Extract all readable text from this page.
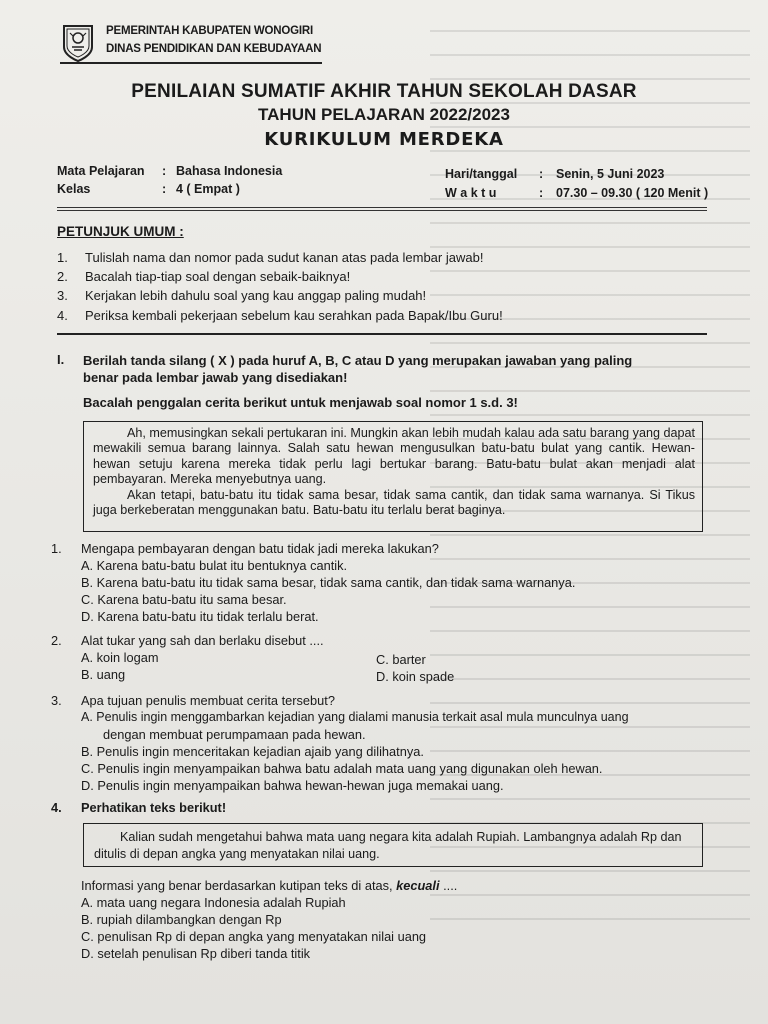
PEMERINTAH KABUPATEN WONOGIRI
DINAS PENDIDIKAN DAN KEBUDAYAAN
PENILAIAN SUMATIF AKHIR TAHUN SEKOLAH DASAR
TAHUN PELAJARAN 2022/2023
KURIKULUM MERDEKA
Mata Pelajaran : Bahasa Indonesia
Kelas	: 4 ( Empat )
Hari/tanggal : Senin, 5 Juni 2023
W a k t u	: 07.30 – 09.30 ( 120 Menit )
PETUNJUK UMUM :
1.	Tulislah nama dan nomor pada sudut kanan atas pada lembar jawab!
2.	Bacalah tiap-tiap soal dengan sebaik-baiknya!
3.	Kerjakan lebih dahulu soal yang kau anggap paling mudah!
4.	Periksa kembali pekerjaan sebelum kau serahkan pada Bapak/Ibu Guru!
I. Berilah tanda silang ( X ) pada huruf A, B, C atau D yang merupakan jawaban yang paling
benar pada lembar jawab yang disediakan!
Bacalah penggalan cerita berikut untuk menjawab soal nomor 1 s.d. 3!

Ah, memusingkan sekali pertukaran ini. Mungkin akan lebih mudah kalau ada satu barang yang dapat mewakili semua barang lainnya. Salah satu hewan mengusulkan batu-batu bulat yang cantik. Hewan-hewan setuju karena mereka tidak perlu lagi bertukar barang. Batu-batu bulat akan menjadi alat pembayaran. Mereka menyebutnya uang.

Akan tetapi, batu-batu itu tidak sama besar, tidak sama cantik, dan tidak sama warnanya. Si Tikus juga berkeberatan menggunakan batu. Batu-batu itu terlalu berat baginya.

1. Mengapa pembayaran dengan batu tidak jadi mereka lakukan?
A. Karena batu-batu bulat itu bentuknya cantik.
B. Karena batu-batu itu tidak sama besar, tidak sama cantik, dan tidak sama warnanya.
C. Karena batu-batu itu sama besar.
D. Karena batu-batu itu tidak terlalu berat.
2. Alat tukar yang sah dan berlaku disebut ....
A. koin logam
B. uang
C. barter
D. koin spade
3. Apa tujuan penulis membuat cerita tersebut?
A. Penulis ingin menggambarkan kejadian yang dialami manusia terkait asal mula munculnya uang
dengan membuat perumpamaan pada hewan.
B. Penulis ingin menceritakan kejadian ajaib yang dilihatnya.
C. Penulis ingin menyampaikan bahwa batu adalah mata uang yang digunakan oleh hewan.
D. Penulis ingin menyampaikan bahwa hewan-hewan juga memakai uang.
4. Perhatikan teks berikut!

Kalian sudah mengetahui bahwa mata uang negara kita adalah Rupiah. Lambangnya adalah Rp dan ditulis di depan angka yang menyatakan nilai uang.

Informasi yang benar berdasarkan kutipan teks di atas, kecuali ....
A. mata uang negara Indonesia adalah Rupiah
B. rupiah dilambangkan dengan Rp
C. penulisan Rp di depan angka yang menyatakan nilai uang
D. setelah penulisan Rp diberi tanda titik
